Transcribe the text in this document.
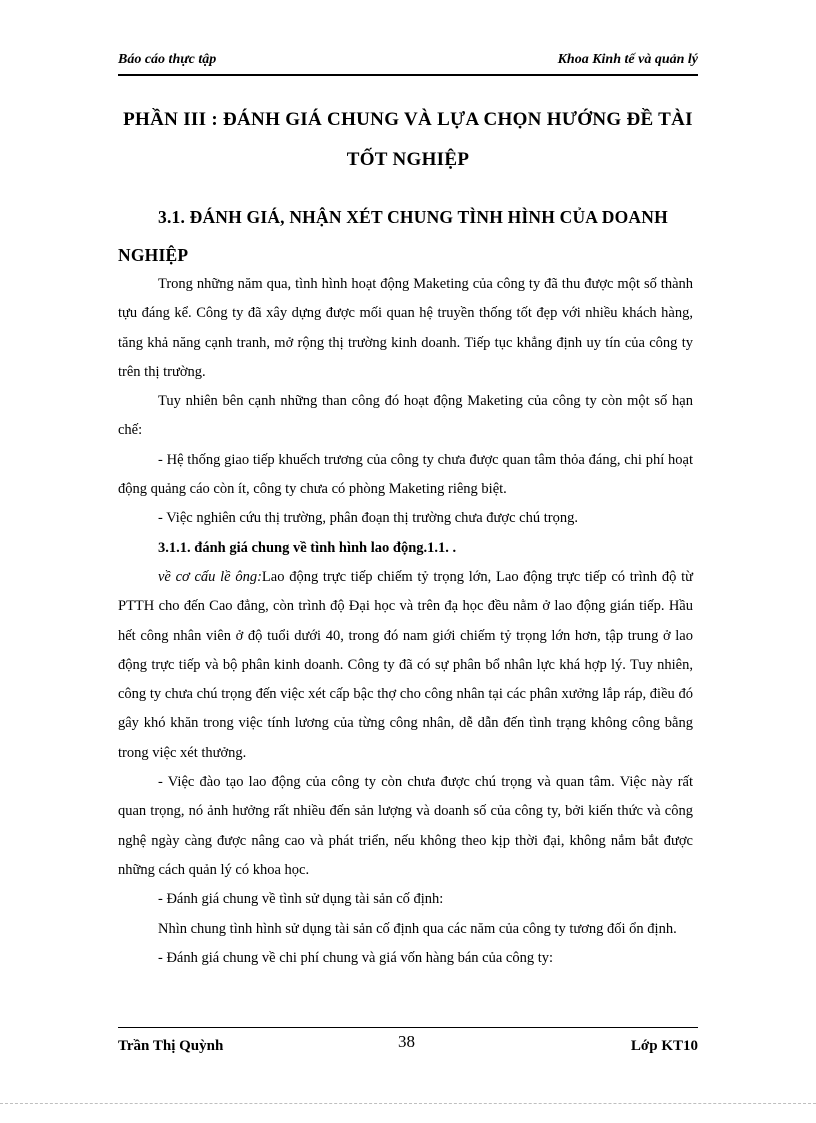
Báo cáo thực tập	Khoa Kinh tế và quản lý
PHẦN III : ĐÁNH GIÁ CHUNG VÀ LỰA CHỌN HƯỚNG ĐỀ TÀI TỐT NGHIỆP
3.1. ĐÁNH GIÁ, NHẬN XÉT CHUNG TÌNH HÌNH CỦA DOANH NGHIỆP

Trong những năm qua, tình hình hoạt động Maketing của công ty đã thu được một số thành tựu đáng kể. Công ty đã xây dựng được mối quan hệ truyền thống tốt đẹp với nhiều khách hàng, tăng khả năng cạnh tranh, mở rộng thị trường kinh doanh. Tiếp tục khẳng định uy tín của công ty trên thị trường.

Tuy nhiên bên cạnh những than công đó hoạt động Maketing của công ty còn một số hạn chế:

- Hệ thống giao tiếp khuếch trương của công ty chưa được quan tâm thỏa đáng, chi phí hoạt động quảng cáo còn ít, công ty chưa có phòng Maketing riêng biệt.

- Việc nghiên cứu thị trường, phân đoạn thị trường chưa được chú trọng.

3.1.1. đánh giá chung về tình hình lao động.1.1. .

về cơ cấu lề ông:Lao động trực tiếp chiếm tỷ trọng lớn, Lao động trực tiếp có trình độ từ PTTH cho đến Cao đẳng, còn trình độ Đại học và trên đạ học đều nằm ở lao động gián tiếp. Hầu hết công nhân viên ở độ tuổi dưới 40, trong đó nam giới chiếm tỷ trọng lớn hơn, tập trung ở lao động trực tiếp và bộ phân kinh doanh. Công ty đã có sự phân bổ nhân lực khá hợp lý. Tuy nhiên, công ty chưa chú trọng đến việc xét cấp bậc thợ cho công nhân tại các phân xưởng lắp ráp, điều đó gây khó khăn trong việc tính lương của từng công nhân, dễ dẫn đến tình trạng không công bằng trong việc xét thưởng.

- Việc đào tạo lao động của công ty còn chưa được chú trọng và quan tâm. Việc này rất quan trọng, nó ảnh hưởng rất nhiều đến sản lượng và doanh số của công ty, bởi kiến thức và công nghệ ngày càng được nâng cao và phát triển, nếu không theo kịp thời đại, không nắm bắt được những cách quản lý có khoa học.

- Đánh giá chung về tình sử dụng tài sản cố định:

Nhìn chung tình hình sử dụng tài sản cố định qua các năm của công ty tương đối ổn định.

- Đánh giá chung về chi phí chung và giá vốn hàng bán của công ty:

Trần Thị Quỳnh	38	Lớp KT10
